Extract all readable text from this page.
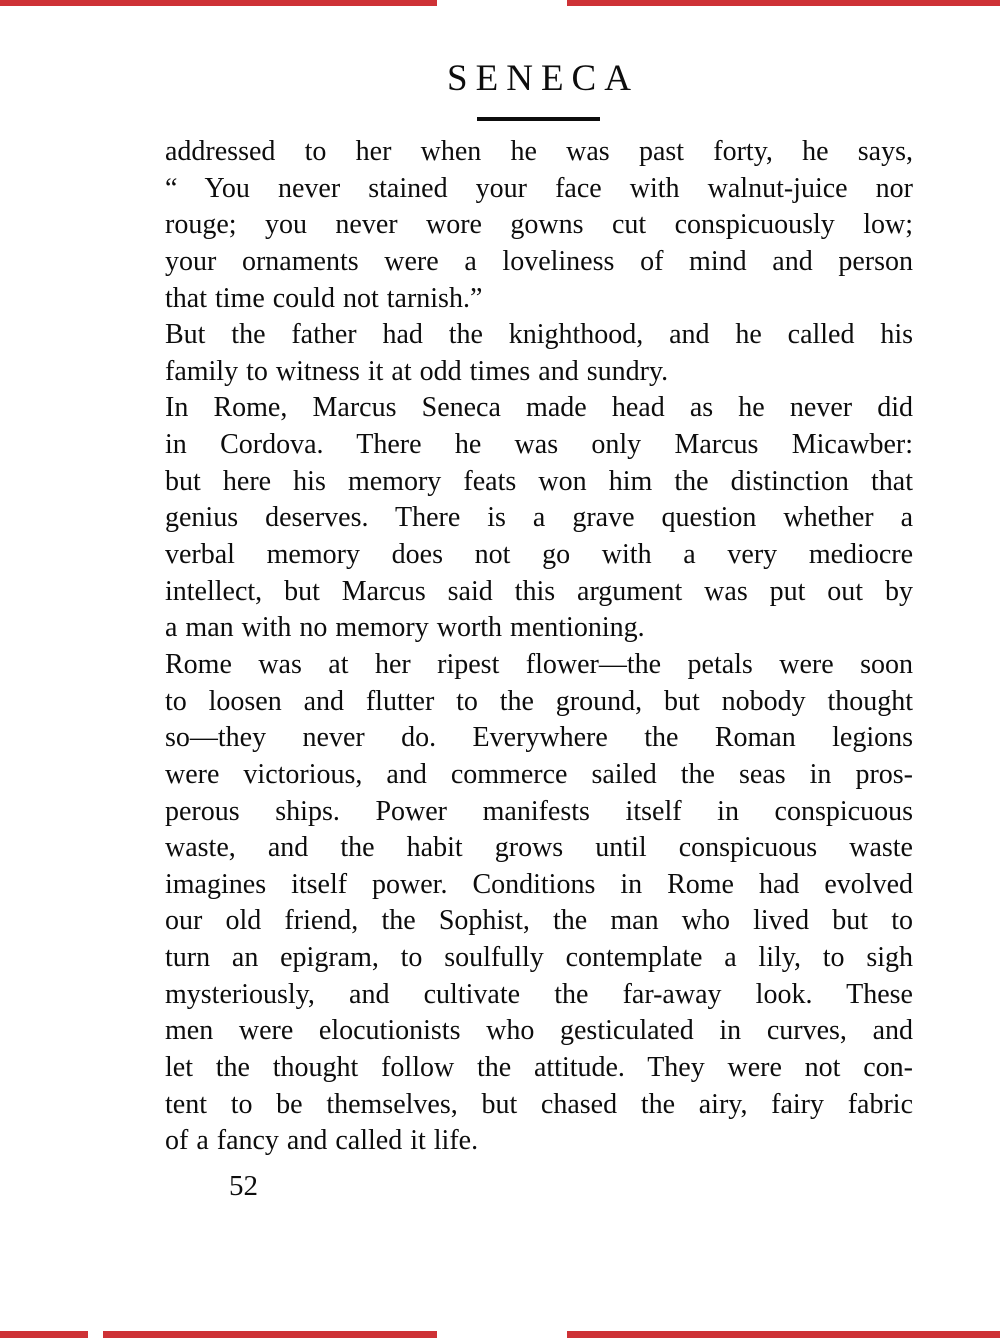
SENECA
addressed to her when he was past forty, he says,
“ You never stained your face with walnut-juice nor
rouge; you never wore gowns cut conspicuously low;
your ornaments were a loveliness of mind and person
that time could not tarnish.”
But the father had the knighthood, and he called his
family to witness it at odd times and sundry.
In Rome, Marcus Seneca made head as he never did
in Cordova. There he was only Marcus Micawber:
but here his memory feats won him the distinction that
genius deserves. There is a grave question whether a
verbal memory does not go with a very mediocre
intellect, but Marcus said this argument was put out by
a man with no memory worth mentioning.
Rome was at her ripest flower—the petals were soon
to loosen and flutter to the ground, but nobody thought
so—they never do. Everywhere the Roman legions
were victorious, and commerce sailed the seas in pros-
perous ships. Power manifests itself in conspicuous
waste, and the habit grows until conspicuous waste
imagines itself power. Conditions in Rome had evolved
our old friend, the Sophist, the man who lived but to
turn an epigram, to soulfully contemplate a lily, to sigh
mysteriously, and cultivate the far-away look. These
men were elocutionists who gesticulated in curves, and
let the thought follow the attitude. They were not con-
tent to be themselves, but chased the airy, fairy fabric
of a fancy and called it life.
52
